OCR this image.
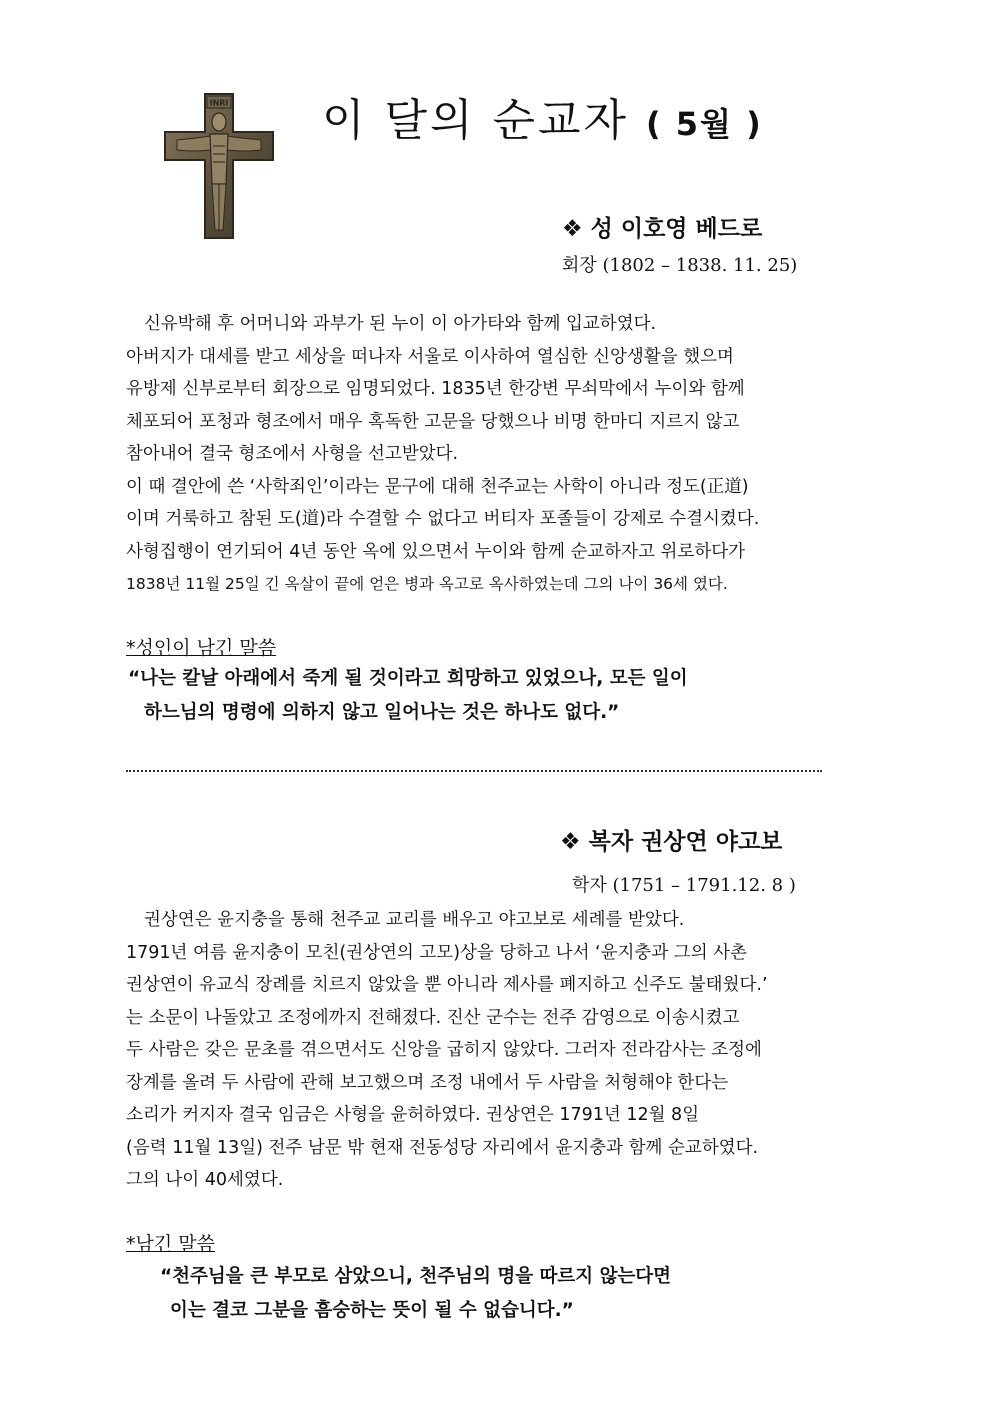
INRI 이 달의 순교자 ( 5월 )
❖ 성 이호영 베드로
회장 (1802 – 1838. 11. 25)

신유박해 후 어머니와 과부가 된 누이 이 아가타와 함께 입교하였다.

아버지가 대세를 받고 세상을 떠나자 서울로 이사하여 열심한 신앙생활을 했으며

유방제 신부로부터 회장으로 임명되었다. 1835년 한강변 무쇠막에서 누이와 함께

체포되어 포청과 형조에서 매우 혹독한 고문을 당했으나 비명 한마디 지르지 않고

참아내어 결국 형조에서 사형을 선고받았다.

이 때 결안에 쓴 ‘사학죄인’이라는 문구에 대해 천주교는 사학이 아니라 정도(正道)

이며 거룩하고 참된 도(道)라 수결할 수 없다고 버티자 포졸들이 강제로 수결시켰다.

사형집행이 연기되어 4년 동안 옥에 있으면서 누이와 함께 순교하자고 위로하다가

1838년 11월 25일 긴 옥살이 끝에 얻은 병과 옥고로 옥사하였는데 그의 나이 36세 였다.

*성인이 남긴 말씀

“나는 칼날 아래에서 죽게 될 것이라고 희망하고 있었으나, 모든 일이

하느님의 명령에 의하지 않고 일어나는 것은 하나도 없다.”

❖ 복자 권상연 야고보
학자 (1751 – 1791.12. 8 )

권상연은 윤지충을 통해 천주교 교리를 배우고 야고보로 세례를 받았다.

1791년 여름 윤지충이 모친(권상연의 고모)상을 당하고 나서 ‘윤지충과 그의 사촌

권상연이 유교식 장례를 치르지 않았을 뿐 아니라 제사를 폐지하고 신주도 불태웠다.’

는 소문이 나돌았고 조정에까지 전해졌다. 진산 군수는 전주 감영으로 이송시켰고

두 사람은 갖은 문초를 겪으면서도 신앙을 굽히지 않았다. 그러자 전라감사는 조정에

장계를 올려 두 사람에 관해 보고했으며 조정 내에서 두 사람을 처형해야 한다는

소리가 커지자 결국 임금은 사형을 윤허하였다. 권상연은 1791년 12월 8일

(음력 11월 13일) 전주 남문 밖 현재 전동성당 자리에서 윤지충과 함께 순교하였다.

그의 나이 40세였다.

*남긴 말씀

“천주님을 큰 부모로 삼았으니, 천주님의 명을 따르지 않는다면

이는 결코 그분을 흠숭하는 뜻이 될 수 없습니다.”
